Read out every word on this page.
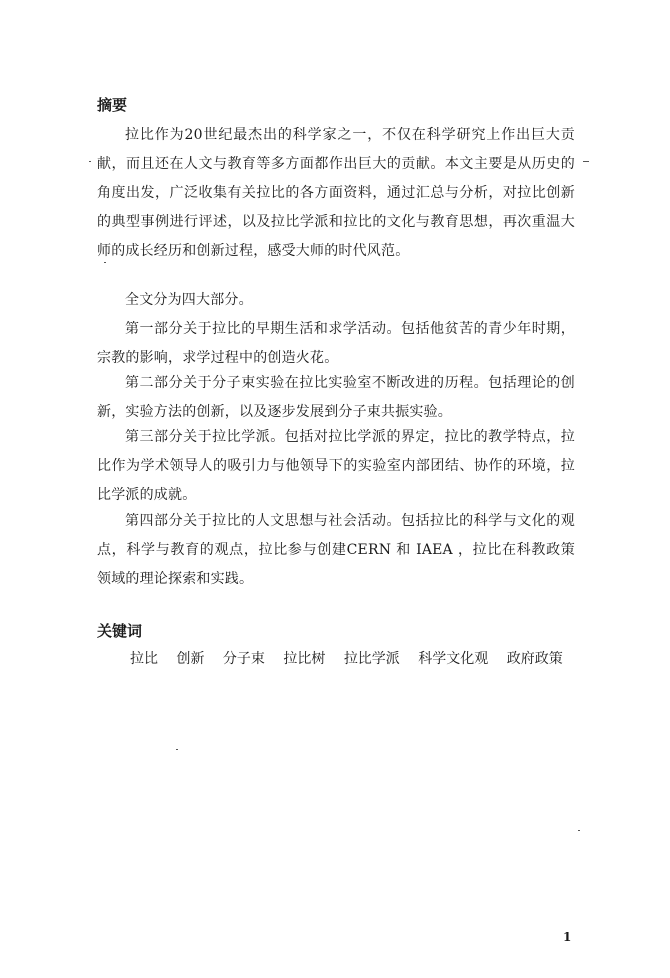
摘要

拉比作为20世纪最杰出的科学家之一，不仅在科学研究上作出巨大贡献，而且还在人文与教育等多方面都作出巨大的贡献。本文主要是从历史的角度出发，广泛收集有关拉比的各方面资料，通过汇总与分析，对拉比创新的典型事例进行评述，以及拉比学派和拉比的文化与教育思想，再次重温大师的成长经历和创新过程，感受大师的时代风范。

全文分为四大部分。

第一部分关于拉比的早期生活和求学活动。包括他贫苦的青少年时期，宗教的影响，求学过程中的创造火花。

第二部分关于分子束实验在拉比实验室不断改进的历程。包括理论的创新，实验方法的创新，以及逐步发展到分子束共振实验。

第三部分关于拉比学派。包括对拉比学派的界定，拉比的教学特点，拉比作为学术领导人的吸引力与他领导下的实验室内部团结、协作的环境，拉比学派的成就。

第四部分关于拉比的人文思想与社会活动。包括拉比的科学与文化的观点，科学与教育的观点，拉比参与创建CERN 和 IAEA ，拉比在科教政策领域的理论探索和实践。

关键词
拉比 创新 分子束 拉比树 拉比学派 科学文化观 政府政策
1
